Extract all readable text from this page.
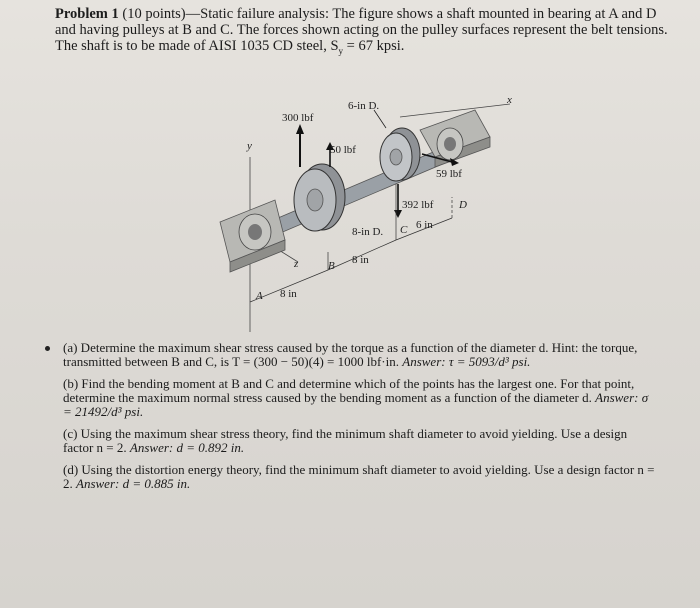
Problem 1 (10 points)—Static failure analysis: The figure shows a shaft mounted in bearing at A and D
and having pulleys at B and C. The forces shown acting on the pulley surfaces represent the belt tensions.
The shaft is to be made of AISI 1035 CD steel, $S_y = 67$ kpsi.
300 lbf
6-in D.	x
y	50 lbf
59 lbf
392 lbf D
8-in D. C 6 in
z	B 8 in
A 8 in
(a) Determine the maximum shear stress caused by the torque as a function of the diameter d. Hint: the torque, transmitted between B and C, is T = (300 − 50)(4) = 1000 lbf·in. Answer: τ = 5093/d³ psi.
(b) Find the bending moment at B and C and determine which of the points has the largest one. For that point, determine the maximum normal stress caused by the bending moment as a function of the diameter d. Answer: σ = 21492/d³ psi.
(c) Using the maximum shear stress theory, find the minimum shaft diameter to avoid yielding. Use a design factor n = 2. Answer: d = 0.892 in.
(d) Using the distortion energy theory, find the minimum shaft diameter to avoid yielding. Use a design factor n = 2. Answer: d = 0.885 in.
